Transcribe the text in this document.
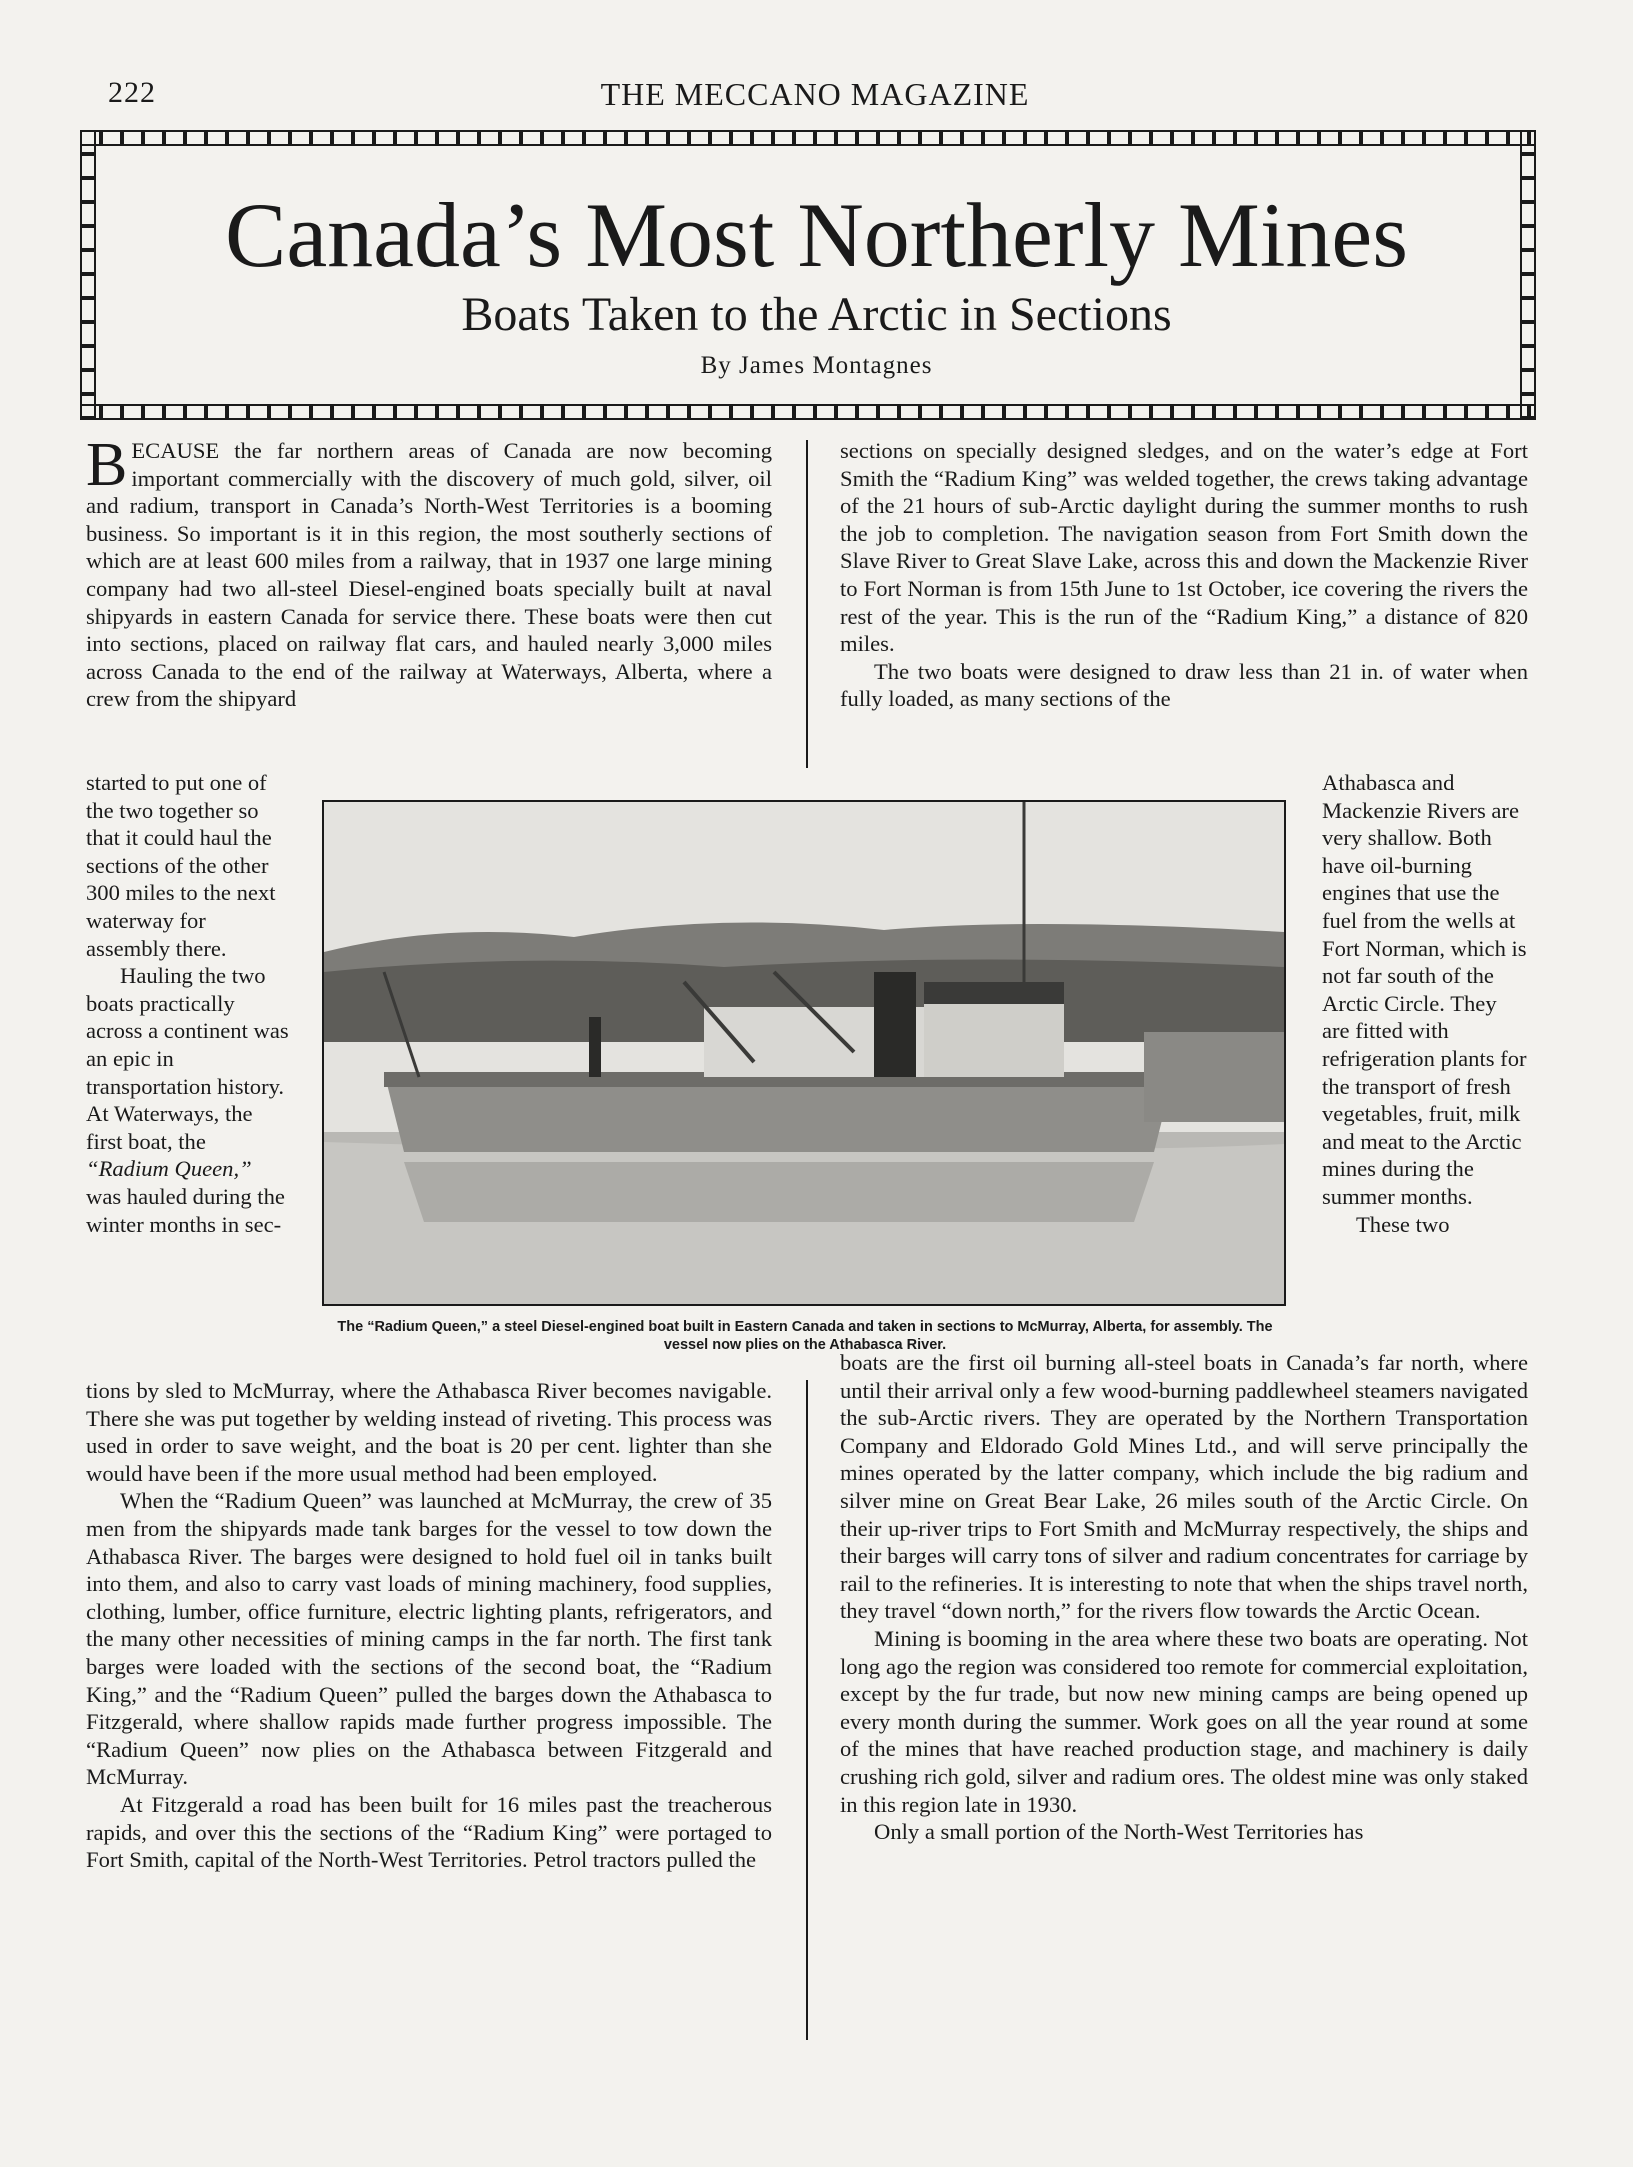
222	THE MECCANO MAGAZINE
Canada’s Most Northerly Mines
Boats Taken to the Arctic in Sections
By James Montagnes

BECAUSE the far northern areas of Canada are now becoming important commercially with the discovery of much gold, silver, oil and radium, transport in Canada’s North-West Territories is a booming business. So important is it in this region, the most southerly sections of which are at least 600 miles from a railway, that in 1937 one large mining company had two all-steel Diesel-engined boats specially built at naval shipyards in eastern Canada for service there. These boats were then cut into sections, placed on railway flat cars, and hauled nearly 3,000 miles across Canada to the end of the railway at Waterways, Alberta, where a crew from the shipyard

sections on specially designed sledges, and on the water’s edge at Fort Smith the “Radium King” was welded together, the crews taking advantage of the 21 hours of sub-Arctic daylight during the summer months to rush the job to completion. The navigation season from Fort Smith down the Slave River to Great Slave Lake, across this and down the Mackenzie River to Fort Norman is from 15th June to 1st October, ice covering the rivers the rest of the year. This is the run of the “Radium King,” a distance of 820 miles.

The two boats were designed to draw less than 21 in. of water when fully loaded, as many sections of the

started to put one of the two together so that it could haul the sections of the other 300 miles to the next waterway for assembly there.

Hauling the two boats practically across a continent was an epic in transportation history. At Waterways, the first boat, the “Radium Queen,” was hauled during the winter months in sec-

The “Radium Queen,” a steel Diesel-engined boat built in Eastern Canada and taken in sections to McMurray, Alberta, for assembly. The vessel now plies on the Athabasca River.

Athabasca and Mackenzie Rivers are very shallow. Both have oil-burning engines that use the fuel from the wells at Fort Norman, which is not far south of the Arctic Circle. They are fitted with refrigeration plants for the transport of fresh vegetables, fruit, milk and meat to the Arctic mines during the summer months.

These two

tions by sled to McMurray, where the Athabasca River becomes navigable. There she was put together by welding instead of riveting. This process was used in order to save weight, and the boat is 20 per cent. lighter than she would have been if the more usual method had been employed.

When the “Radium Queen” was launched at McMurray, the crew of 35 men from the shipyards made tank barges for the vessel to tow down the Athabasca River. The barges were designed to hold fuel oil in tanks built into them, and also to carry vast loads of mining machinery, food supplies, clothing, lumber, office furniture, electric lighting plants, refrigerators, and the many other necessities of mining camps in the far north. The first tank barges were loaded with the sections of the second boat, the “Radium King,” and the “Radium Queen” pulled the barges down the Athabasca to Fitzgerald, where shallow rapids made further progress impossible. The “Radium Queen” now plies on the Athabasca between Fitzgerald and McMurray.

At Fitzgerald a road has been built for 16 miles past the treacherous rapids, and over this the sections of the “Radium King” were portaged to Fort Smith, capital of the North-West Territories. Petrol tractors pulled the

boats are the first oil burning all-steel boats in Canada’s far north, where until their arrival only a few wood-burning paddlewheel steamers navigated the sub-Arctic rivers. They are operated by the Northern Transportation Company and Eldorado Gold Mines Ltd., and will serve principally the mines operated by the latter company, which include the big radium and silver mine on Great Bear Lake, 26 miles south of the Arctic Circle. On their up-river trips to Fort Smith and McMurray respectively, the ships and their barges will carry tons of silver and radium concentrates for carriage by rail to the refineries. It is interesting to note that when the ships travel north, they travel “down north,” for the rivers flow towards the Arctic Ocean.

Mining is booming in the area where these two boats are operating. Not long ago the region was considered too remote for commercial exploitation, except by the fur trade, but now new mining camps are being opened up every month during the summer. Work goes on all the year round at some of the mines that have reached production stage, and machinery is daily crushing rich gold, silver and radium ores. The oldest mine was only staked in this region late in 1930.

Only a small portion of the North-West Territories has
